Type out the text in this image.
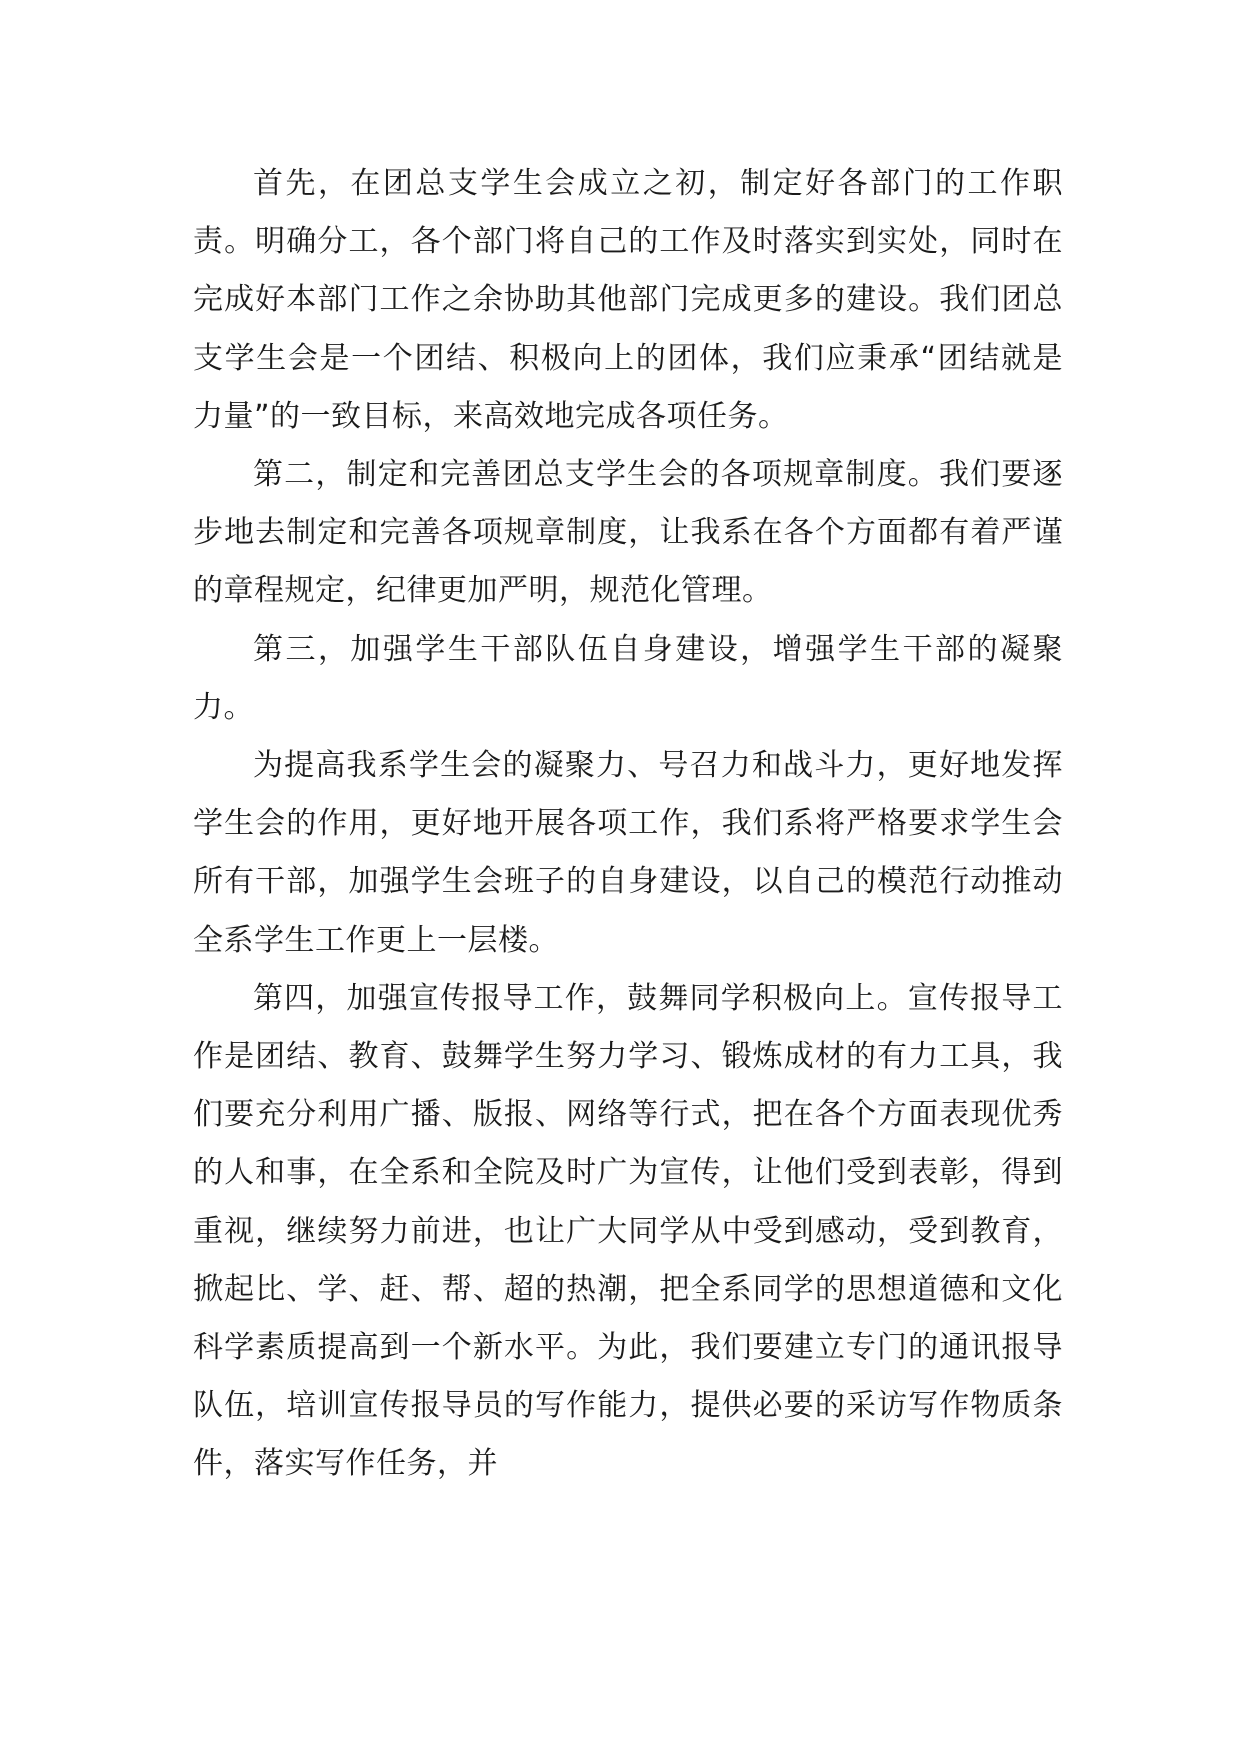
首先，在团总支学生会成立之初，制定好各部门的工作职责。明确分工，各个部门将自己的工作及时落实到实处，同时在完成好本部门工作之余协助其他部门完成更多的建设。我们团总支学生会是一个团结、积极向上的团体，我们应秉承“团结就是力量”的一致目标，来高效地完成各项任务。

第二，制定和完善团总支学生会的各项规章制度。我们要逐步地去制定和完善各项规章制度，让我系在各个方面都有着严谨的章程规定，纪律更加严明，规范化管理。

第三，加强学生干部队伍自身建设，增强学生干部的凝聚力。

为提高我系学生会的凝聚力、号召力和战斗力，更好地发挥学生会的作用，更好地开展各项工作，我们系将严格要求学生会所有干部，加强学生会班子的自身建设，以自己的模范行动推动全系学生工作更上一层楼。

第四，加强宣传报导工作，鼓舞同学积极向上。宣传报导工作是团结、教育、鼓舞学生努力学习、锻炼成材的有力工具，我们要充分利用广播、版报、网络等行式，把在各个方面表现优秀的人和事，在全系和全院及时广为宣传，让他们受到表彰，得到重视，继续努力前进，也让广大同学从中受到感动，受到教育，掀起比、学、赶、帮、超的热潮，把全系同学的思想道德和文化科学素质提高到一个新水平。为此，我们要建立专门的通讯报导队伍，培训宣传报导员的写作能力，提供必要的采访写作物质条件，落实写作任务，并
